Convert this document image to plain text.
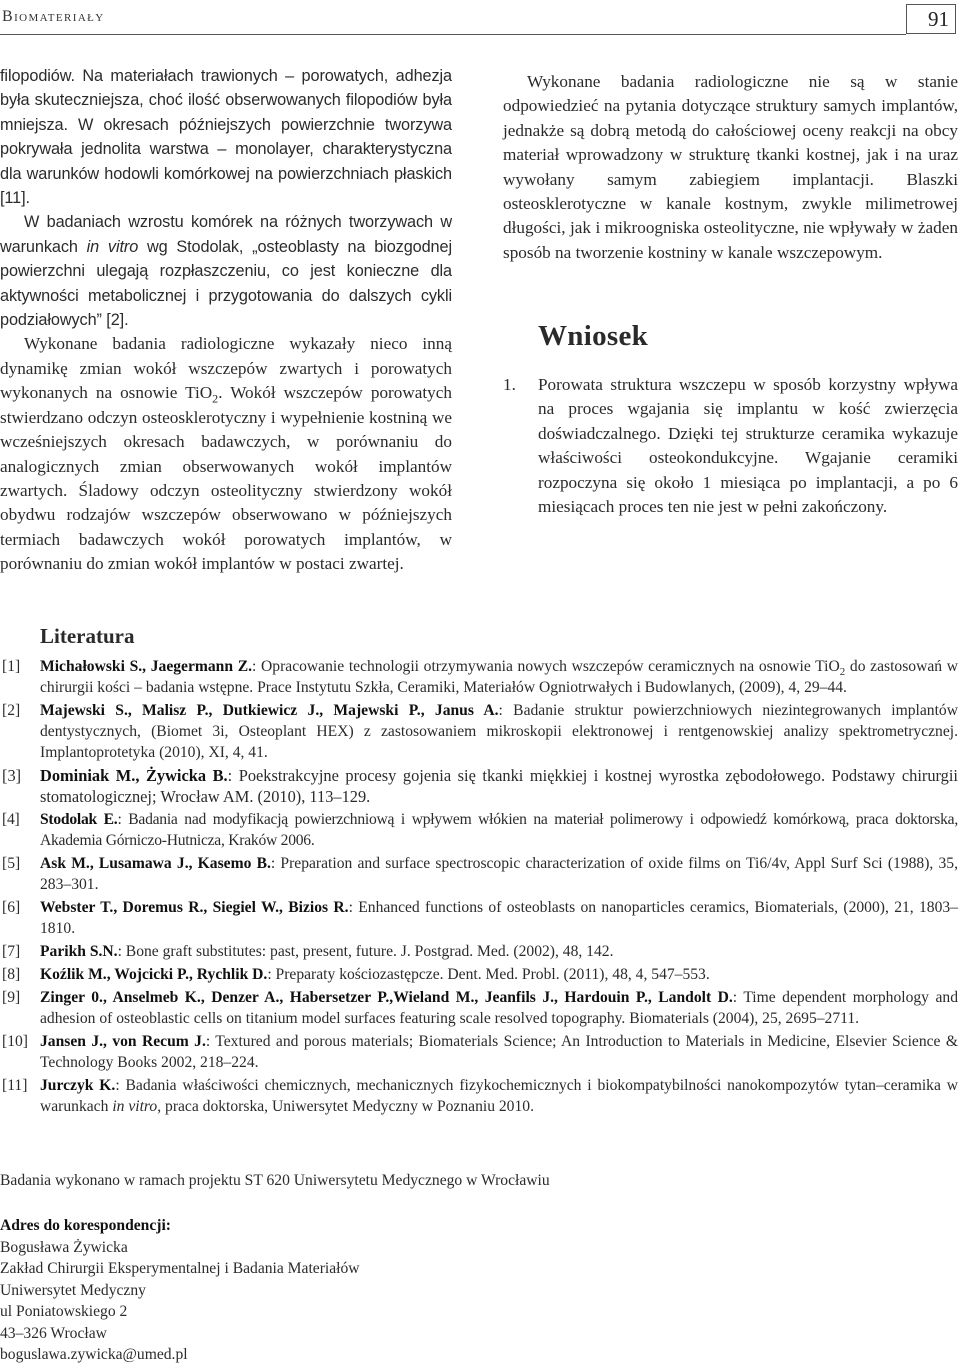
Biomateriały	91

filopodiów. Na materiałach trawionych – porowatych, adhezja była skuteczniejsza, choć ilość obserwowanych filopodiów była mniejsza. W okresach późniejszych powierzchnie tworzywa pokrywała jednolita warstwa – monolayer, charakterystyczna dla warunków hodowli komórkowej na powierzchniach płaskich [11].

W badaniach wzrostu komórek na różnych tworzywach w warunkach in vitro wg Stodolak, „osteoblasty na biozgodnej powierzchni ulegają rozpłaszczeniu, co jest konieczne dla aktywności metabolicznej i przygotowania do dalszych cykli podziałowych” [2].

Wykonane badania radiologiczne wykazały nieco inną dynamikę zmian wokół wszczepów zwartych i porowatych wykonanych na osnowie TiO$_2$. Wokół wszczepów porowatych stwierdzano odczyn osteosklerotyczny i wypełnienie kostniną we wcześniejszych okresach badawczych, w porównaniu do analogicznych zmian obserwowanych wokół implantów zwartych. Śladowy odczyn osteolityczny stwierdzony wokół obydwu rodzajów wszczepów obserwowano w późniejszych termiach badawczych wokół porowatych implantów, w porównaniu do zmian wokół implantów w postaci zwartej.

Wykonane badania radiologiczne nie są w stanie odpowiedzieć na pytania dotyczące struktury samych implantów, jednakże są dobrą metodą do całościowej oceny reakcji na obcy materiał wprowadzony w strukturę tkanki kostnej, jak i na uraz wywołany samym zabiegiem implantacji. Blaszki osteosklerotyczne w kanale kostnym, zwykle milimetrowej długości, jak i mikroogniska osteolityczne, nie wpływały w żaden sposób na tworzenie kostniny w kanale wszczepowym.

Wniosek
1. Porowata struktura wszczepu w sposób korzystny wpływa na proces wgajania się implantu w kość zwierzęcia doświadczalnego. Dzięki tej strukturze ceramika wykazuje właściwości osteokondukcyjne. Wgajanie ceramiki rozpoczyna się około 1 miesiąca po implantacji, a po 6 miesiącach proces ten nie jest w pełni zakończony.
Literatura
[1] Michałowski S., Jaegermann Z.: Opracowanie technologii otrzymywania nowych wszczepów ceramicznych na osnowie TiO$_2$ do zastosowań w chirurgii kości – badania wstępne. Prace Instytutu Szkła, Ceramiki, Materiałów Ogniotrwałych i Budowlanych, (2009), 4, 29–44.
[2] Majewski S., Malisz P., Dutkiewicz J., Majewski P., Janus A.: Badanie struktur powierzchniowych niezintegrowanych implantów dentystycznych, (Biomet 3i, Osteoplant HEX) z zastosowaniem mikroskopii elektronowej i rentgenowskiej analizy spektrometrycznej. Implantoprotetyka (2010), XI, 4, 41.
[3] Dominiak M., Żywicka B.: Poekstrakcyjne procesy gojenia się tkanki miękkiej i kostnej wyrostka zębodołowego. Podstawy chirurgii stomatologicznej; Wrocław AM. (2010), 113–129.
[4] Stodolak E.: Badania nad modyfikacją powierzchniową i wpływem włókien na materiał polimerowy i odpowiedź komórkową, praca doktorska, Akademia Górniczo-Hutnicza, Kraków 2006.
[5] Ask M., Lusamawa J., Kasemo B.: Preparation and surface spectroscopic characterization of oxide films on Ti6/4v, Appl Surf Sci (1988), 35, 283–301.
[6] Webster T., Doremus R., Siegiel W., Bizios R.: Enhanced functions of osteoblasts on nanoparticles ceramics, Biomaterials, (2000), 21, 1803–1810.
[7] Parikh S.N.: Bone graft substitutes: past, present, future. J. Postgrad. Med. (2002), 48, 142.
[8] Koźlik M., Wojcicki P., Rychlik D.: Preparaty kościozastępcze. Dent. Med. Probl. (2011), 48, 4, 547–553.
[9] Zinger 0., Anselmeb K., Denzer A., Habersetzer P.,Wieland M., Jeanfils J., Hardouin P., Landolt D.: Time dependent morphology and adhesion of osteoblastic cells on titanium model surfaces featuring scale resolved topography. Biomaterials (2004), 25, 2695–2711.
[10] Jansen J., von Recum J.: Textured and porous materials; Biomaterials Science; An Introduction to Materials in Medicine, Elsevier Science & Technology Books 2002, 218–224.
[11] Jurczyk K.: Badania właściwości chemicznych, mechanicznych fizykochemicznych i biokompatybilności nanokompozytów tytan–ceramika w warunkach in vitro, praca doktorska, Uniwersytet Medyczny w Poznaniu 2010.
Badania wykonano w ramach projektu ST 620 Uniwersytetu Medycznego w Wrocławiu
Adres do korespondencji:
Bogusława Żywicka
Zakład Chirurgii Eksperymentalnej i Badania Materiałów
Uniwersytet Medyczny
ul Poniatowskiego 2
43–326 Wrocław
boguslawa.zywicka@umed.pl
